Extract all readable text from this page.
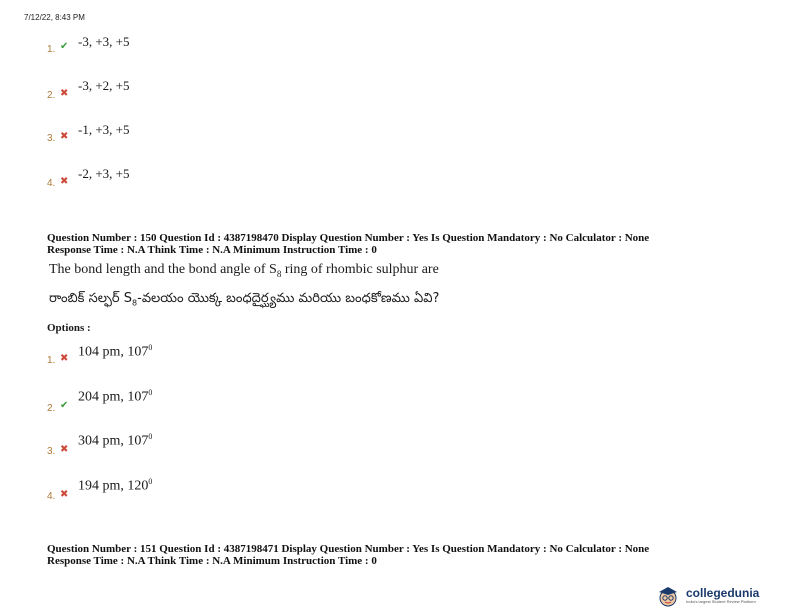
7/12/22, 8:43 PM
1. ✔ -3, +3, +5
2. ✖
-3, +2, +5
3. ✖ -1, +3, +5
4. ✖
-2, +3, +5
Question Number : 150 Question Id : 4387198470 Display Question Number : Yes Is Question Mandatory : No Calculator : None
Response Time : N.A Think Time : N.A Minimum Instruction Time : 0
The bond length and the bond angle of $S_8$ ring of rhombic sulphur are
రాంబిక్ సల్ఫర్ $S_8-వలయం$ యొక్క బంధదైర్ఘ్యము మరియు బంధకోణము ఏవి?
Options :
1. ✖ 104 pm, $107^0$
2. ✔
204 pm, $107^0$
3. ✖
304 pm, $107^0$
4. ✖
194 pm, $120^0$
Question Number : 151 Question Id : 4387198471 Display Question Number : Yes Is Question Mandatory : No Calculator : None
Response Time : N.A Think Time : N.A Minimum Instruction Time : 0
collegedunia
India's largest Student Review Platform
